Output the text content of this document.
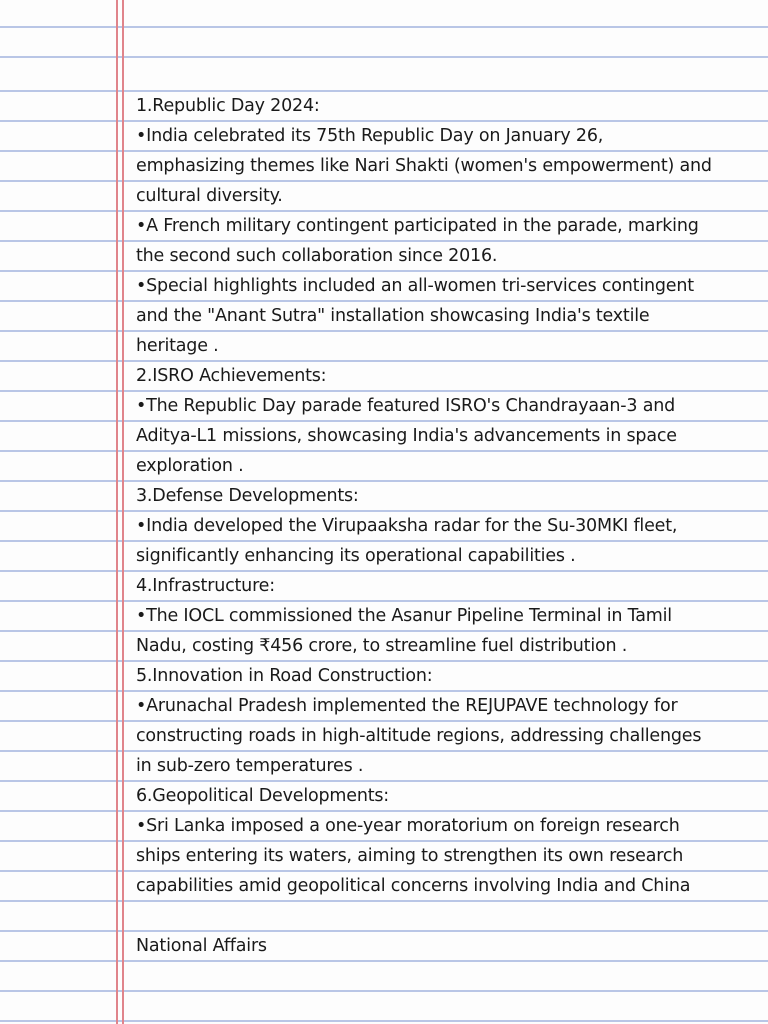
1.Republic Day 2024:
•India celebrated its 75th Republic Day on January 26,
emphasizing themes like Nari Shakti (women's empowerment) and
cultural diversity.
•A French military contingent participated in the parade, marking
the second such collaboration since 2016.
•Special highlights included an all-women tri-services contingent
and the "Anant Sutra" installation showcasing India's textile
heritage .
2.ISRO Achievements:
•The Republic Day parade featured ISRO's Chandrayaan-3 and
Aditya-L1 missions, showcasing India's advancements in space
exploration .
3.Defense Developments:
•India developed the Virupaaksha radar for the Su-30MKI fleet,
significantly enhancing its operational capabilities .
4.Infrastructure:
•The IOCL commissioned the Asanur Pipeline Terminal in Tamil
Nadu, costing ₹456 crore, to streamline fuel distribution .
5.Innovation in Road Construction:
•Arunachal Pradesh implemented the REJUPAVE technology for
constructing roads in high-altitude regions, addressing challenges
in sub-zero temperatures .
6.Geopolitical Developments:
•Sri Lanka imposed a one-year moratorium on foreign research
ships entering its waters, aiming to strengthen its own research
capabilities amid geopolitical concerns involving India and China
National Affairs
